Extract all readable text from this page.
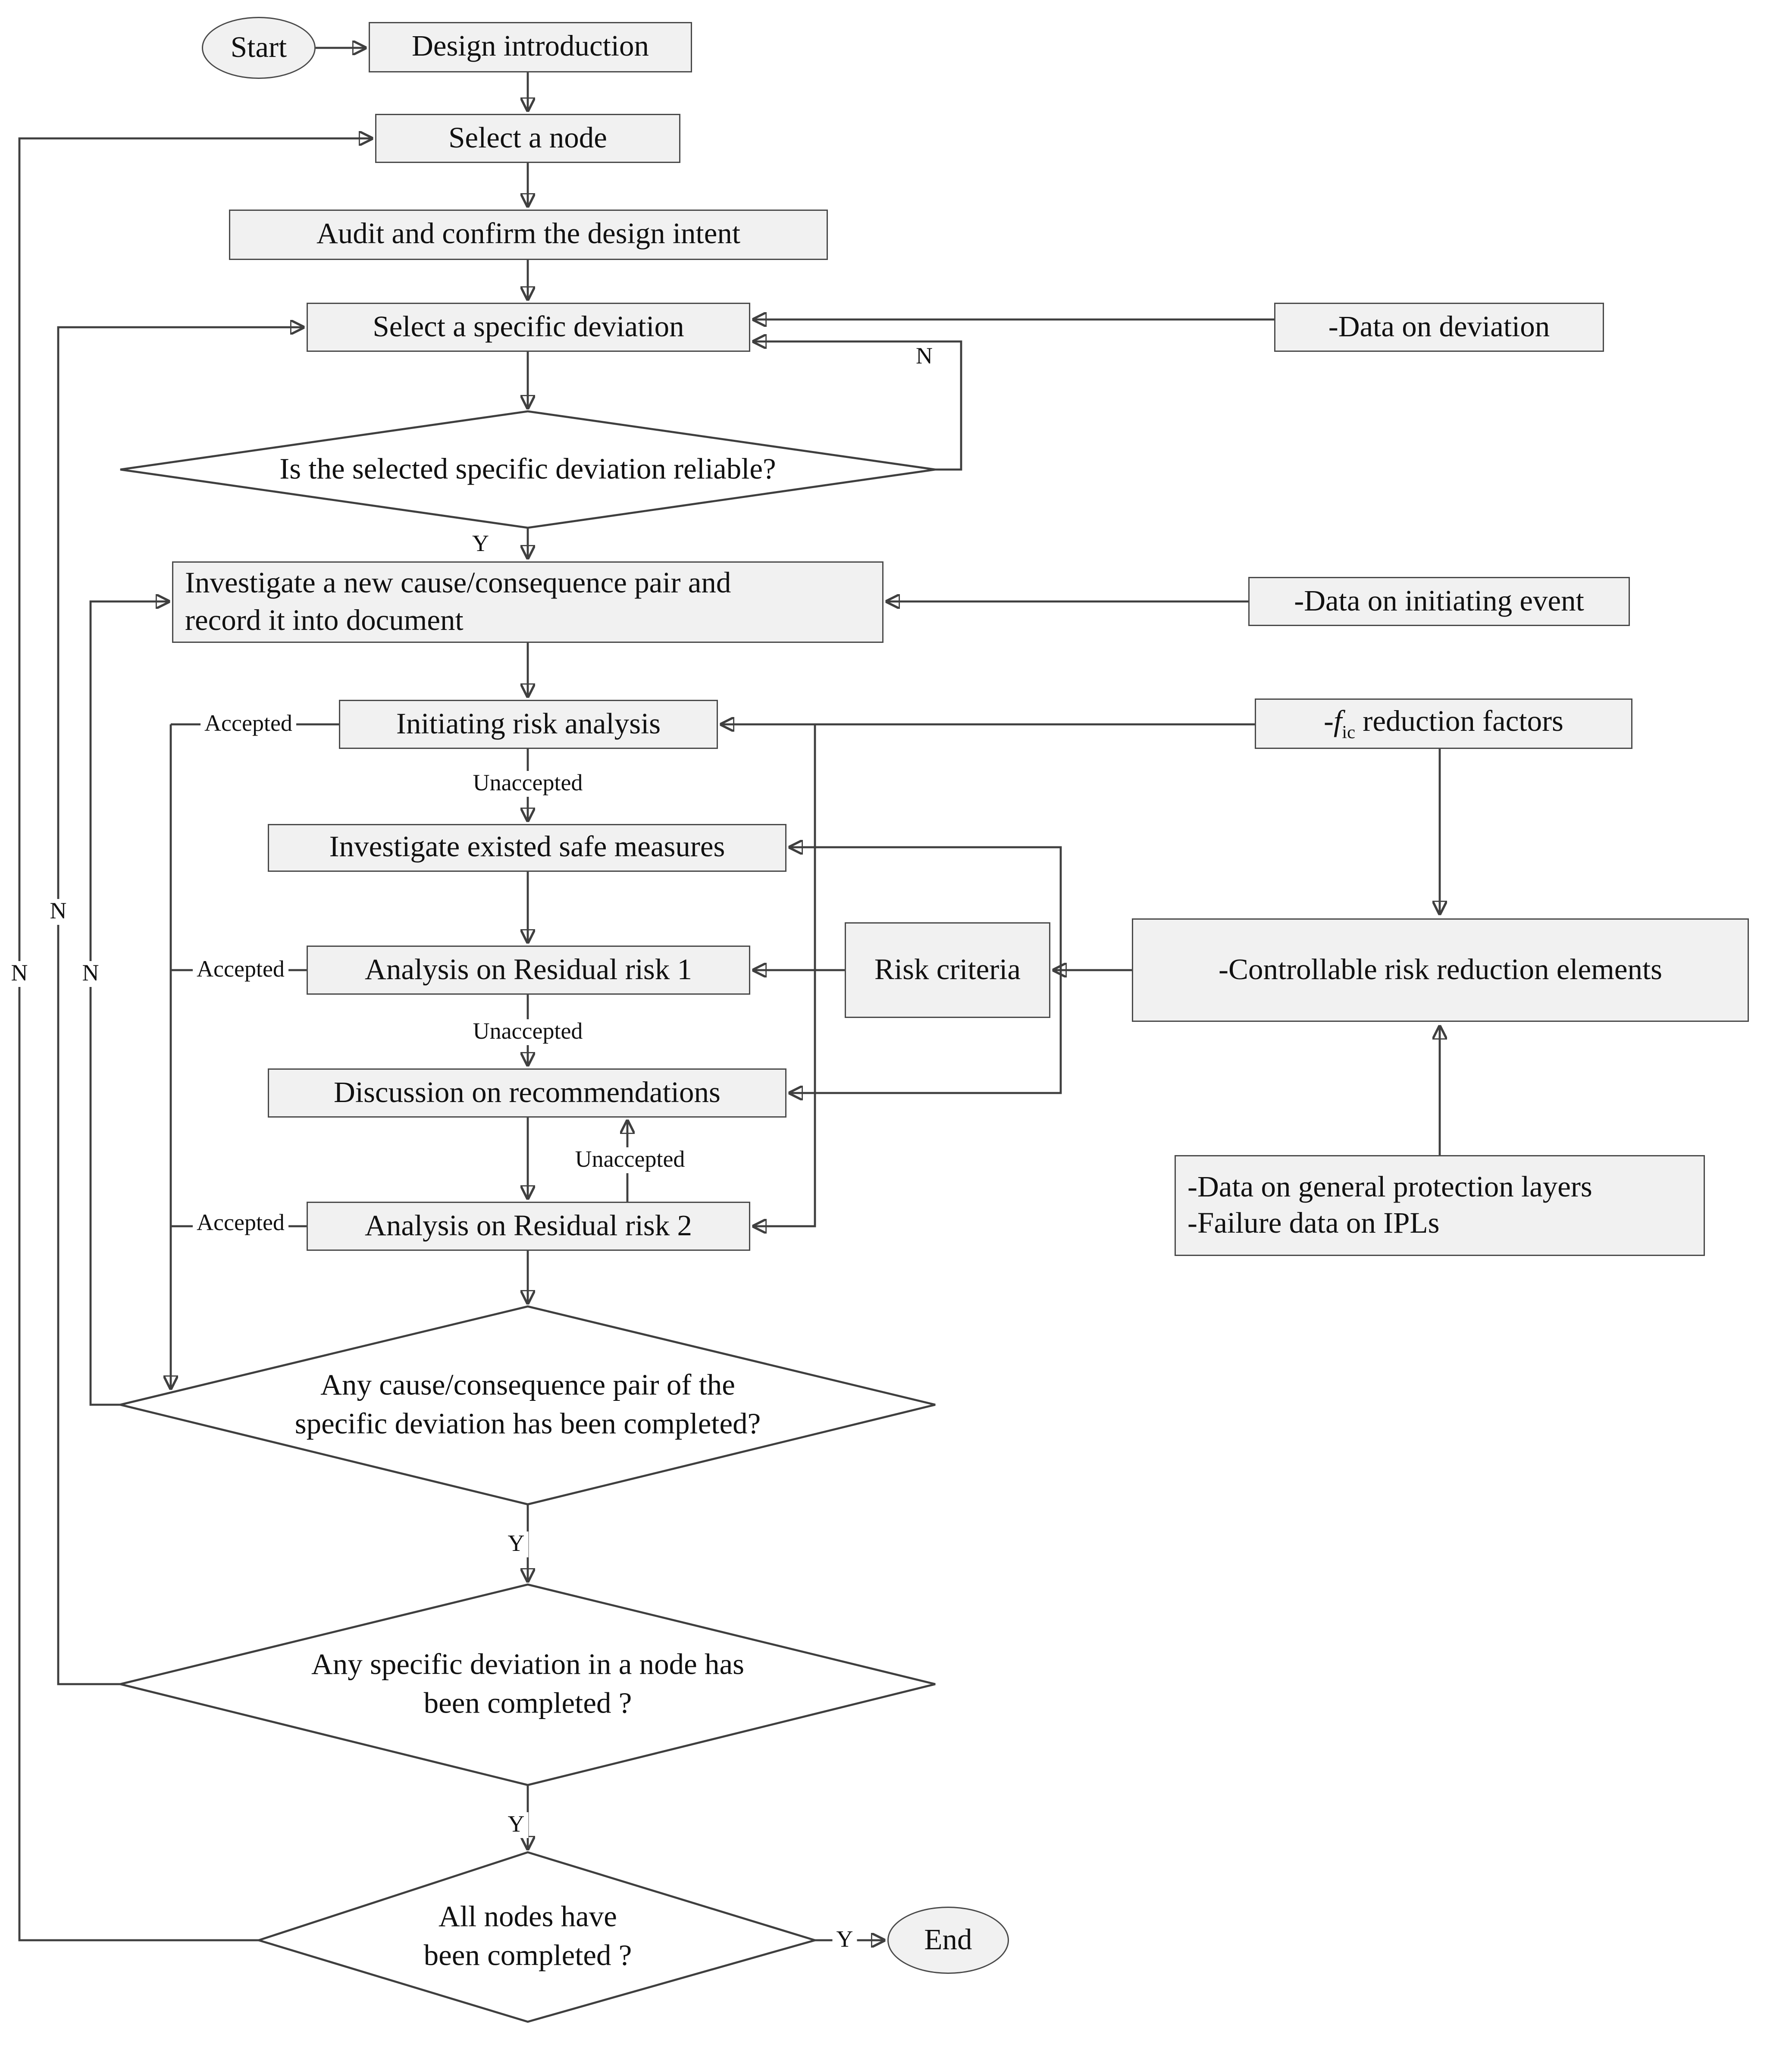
Start
End
Design introduction
Select a node
Audit and confirm the design intent
Select a specific deviation	-Data on deviation
Investigate a new cause/consequence pair and
record it into document
-Data on initiating event
Initiating risk analysis	$-f_{ic}$ reduction factors
Investigate existed safe measures
Analysis on Residual risk 1	Risk criteria	-Controllable risk reduction elements
Discussion on recommendations
Analysis on Residual risk 2
-Data on general protection layers
-Failure data on IPLs
Is the selected specific deviation reliable?
Any cause/consequence pair of the
specific deviation has been completed?
Any specific deviation in a node has
been completed ?
All nodes have
been completed ?
Y
N
Unaccepted
Unaccepted
Unaccepted
Accepted
Accepted
Accepted
N
N
N
Y
Y
Y
